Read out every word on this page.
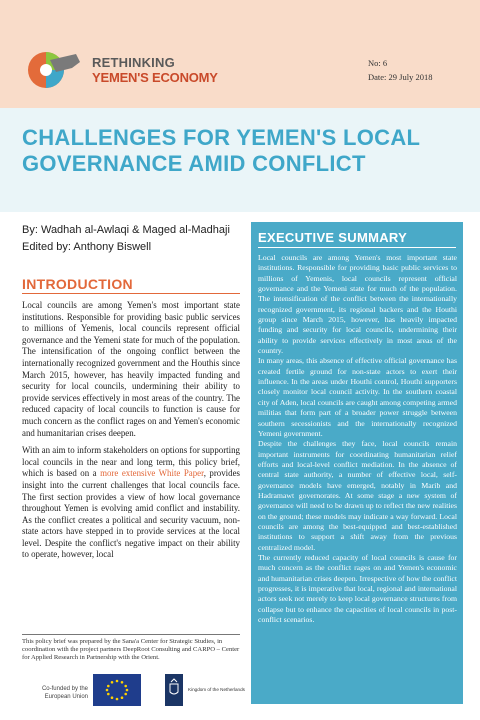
RETHINKING
YEMEN'S ECONOMY
No: 6
Date: 29 July 2018
CHALLENGES FOR YEMEN'S LOCAL GOVERNANCE AMID CONFLICT
By: Wadhah al-Awlaqi & Maged al-Madhaji
Edited by: Anthony Biswell
INTRODUCTION

Local councils are among Yemen's most important state institutions. Responsible for providing basic public services to millions of Yemenis, local councils represent official governance and the Yemeni state for much of the population. The intensification of the ongoing conflict between the internationally recognized government and the Houthis since March 2015, however, has heavily impacted funding and security for local councils, undermining their ability to provide services effectively in most areas of the country. The reduced capacity of local councils to function is cause for much concern as the conflict rages on and Yemen's economic and humanitarian crises deepen.

With an aim to inform stakeholders on options for supporting local councils in the near and long term, this policy brief, which is based on a more extensive White Paper, provides insight into the current challenges that local councils face. The first section provides a view of how local governance throughout Yemen is evolving amid conflict and instability. As the conflict creates a political and security vacuum, non-state actors have stepped in to provide services at the local level. Despite the conflict's negative impact on their ability to operate, however, local

EXECUTIVE SUMMARY
Local councils are among Yemen's most important state institutions. Responsible for providing basic public services to millions of Yemenis, local councils represent official governance and the Yemeni state for much of the population. The intensification of the conflict between the internationally recognized government, its regional backers and the Houthi group since March 2015, however, has heavily impacted funding and security for local councils, undermining their ability to provide services effectively in most areas of the country.
In many areas, this absence of effective official governance has created fertile ground for non-state actors to exert their influence. In the areas under Houthi control, Houthi supporters closely monitor local council activity. In the southern coastal city of Aden, local councils are caught among competing armed militias that form part of a broader power struggle between southern secessionists and the internationally recognized Yemeni government.
Despite the challenges they face, local councils remain important instruments for coordinating humanitarian relief efforts and local-level conflict mediation. In the absence of central state authority, a number of effective local, self-governance models have emerged, notably in Marib and Hadramawt governorates. At some stage a new system of governance will need to be drawn up to reflect the new realities on the ground; these models may indicate a way forward. Local councils are among the best-equipped and best-established institutions to support a shift away from the previous centralized model.
The currently reduced capacity of local councils is cause for much concern as the conflict rages on and Yemen's economic and humanitarian crises deepen. Irrespective of how the conflict progresses, it is imperative that local, regional and international actors seek not merely to keep local governance structures from collapse but to enhance the capacities of local councils in post-conflict scenarios.
This policy brief was prepared by the Sana'a Center for Strategic Studies, in coordination with the project partners DeepRoot Consulting and CARPO – Center for Applied Research in Partnership with the Orient.
Co-funded by the European Union
Kingdom of the Netherlands
